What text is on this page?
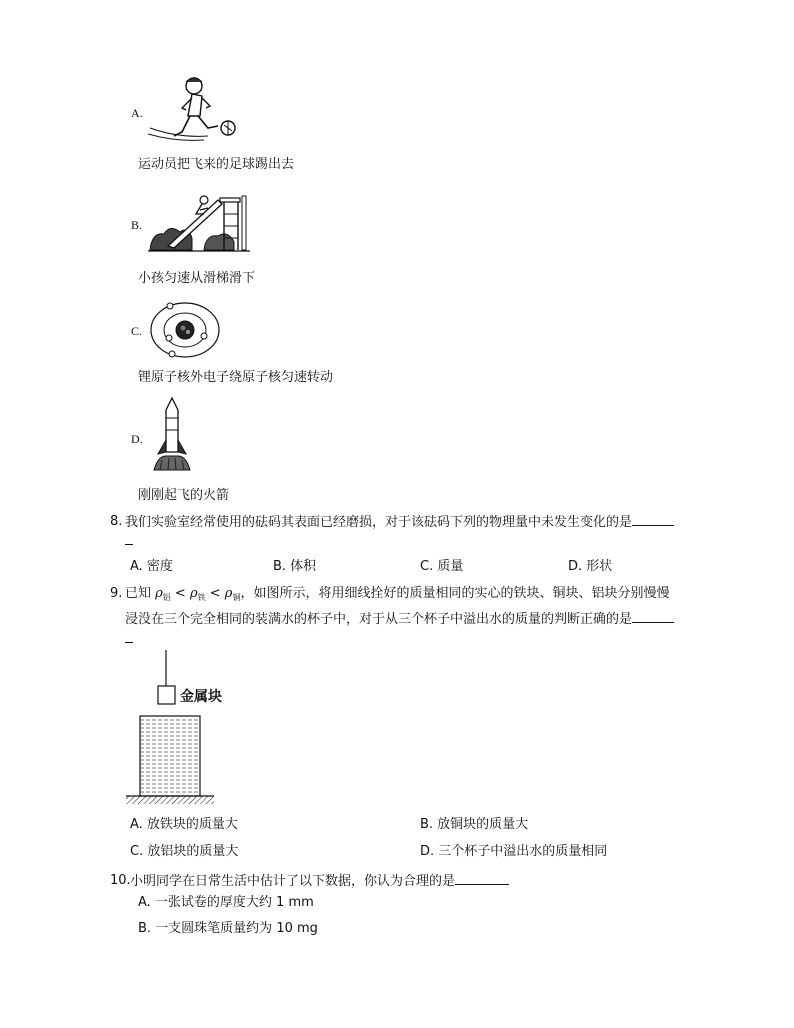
A.
运动员把飞来的足球踢出去
B.
小孩匀速从滑梯滑下
C.
锂原子核外电子绕原子核匀速转动
D.
刚刚起飞的火箭
8. 我们实验室经常使用的砝码其表面已经磨损，对于该砝码下列的物理量中未发生变化的是
A. 密度	B. 体积	C. 质量	D. 形状
9. 已知 $\rho_铝 < \rho_铁 < \rho_铜$，如图所示，将用细线拴好的质量相同的实心的铁块、铜块、铝块分别慢慢
浸没在三个完全相同的装满水的杯子中，对于从三个杯子中溢出水的质量的判断正确的是
金属块
A. 放铁块的质量大	B. 放铜块的质量大
C. 放铝块的质量大	D. 三个杯子中溢出水的质量相同
10. 小明同学在日常生活中估计了以下数据，你认为合理的是
A. 一张试卷的厚度大约 1 mm
B. 一支圆珠笔质量约为 10 mg
